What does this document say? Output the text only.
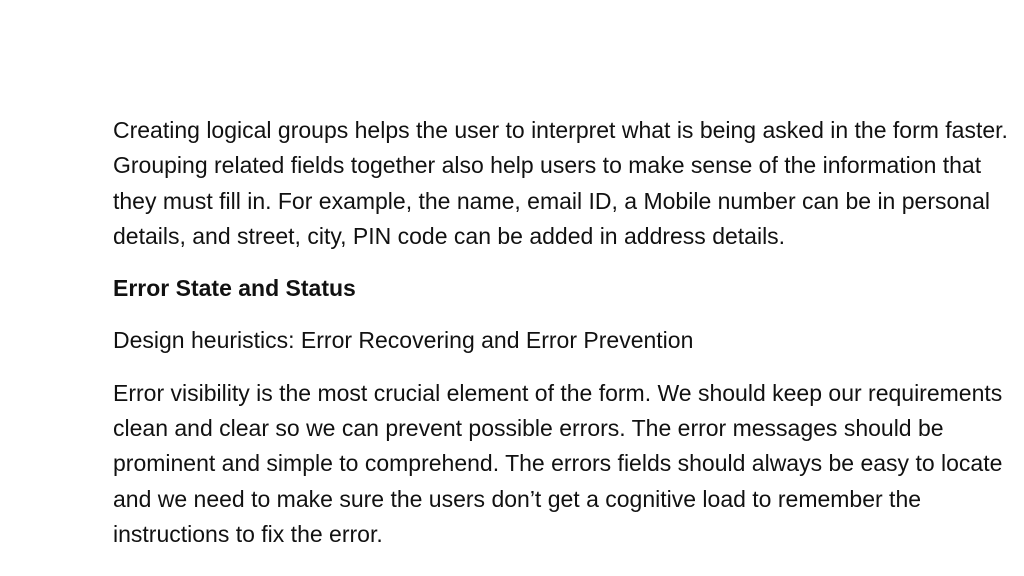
Creating logical groups helps the user to interpret what is being asked in the form faster. Grouping related fields together also help users to make sense of the information that they must fill in. For example, the name, email ID, a Mobile number can be in personal details, and street, city, PIN code can be added in address details.

Error State and Status

Design heuristics: Error Recovering and Error Prevention

Error visibility is the most crucial element of the form. We should keep our requirements clean and clear so we can prevent possible errors. The error messages should be prominent and simple to comprehend. The errors fields should always be easy to locate and we need to make sure the users don’t get a cognitive load to remember the instructions to fix the error.
